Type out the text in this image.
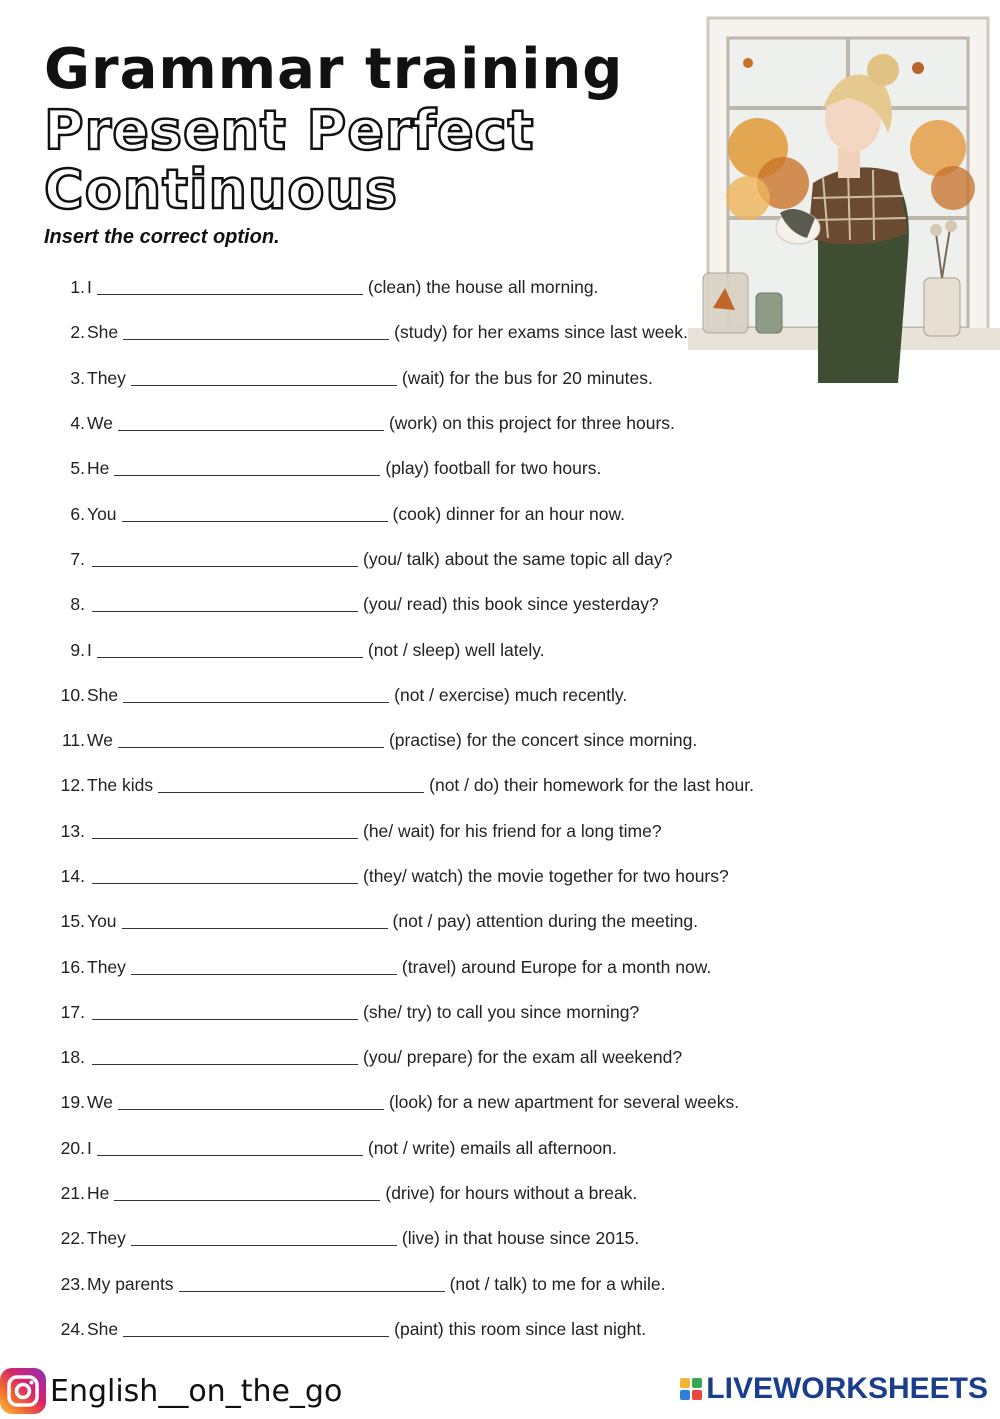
Grammar training
Present Perfect
Continuous

Insert the correct option.

1. I	(clean) the house all morning.
2. She	(study) for her exams since last week.
3. They	(wait) for the bus for 20 minutes.
4. We	(work) on this project for three hours.
5. He	(play) football for two hours.
6. You	(cook) dinner for an hour now.
7.	(you/ talk) about the same topic all day?
8.	(you/ read) this book since yesterday?
9. I	(not / sleep) well lately.
10. She	(not / exercise) much recently.
11. We	(practise) for the concert since morning.
12. The kids	(not / do) their homework for the last hour.
13.	(he/ wait) for his friend for a long time?
14.	(they/ watch) the movie together for two hours?
15. You	(not / pay) attention during the meeting.
16. They	(travel) around Europe for a month now.
17.	(she/ try) to call you since morning?
18.	(you/ prepare) for the exam all weekend?
19. We	(look) for a new apartment for several weeks.
20. I	(not / write) emails all afternoon.
21. He	(drive) for hours without a break.
22. They	(live) in that house since 2015.
23. My parents	(not / talk) to me for a while.
24. She	(paint) this room since last night.
English__on_the_go	LIVEWORKSHEETS
